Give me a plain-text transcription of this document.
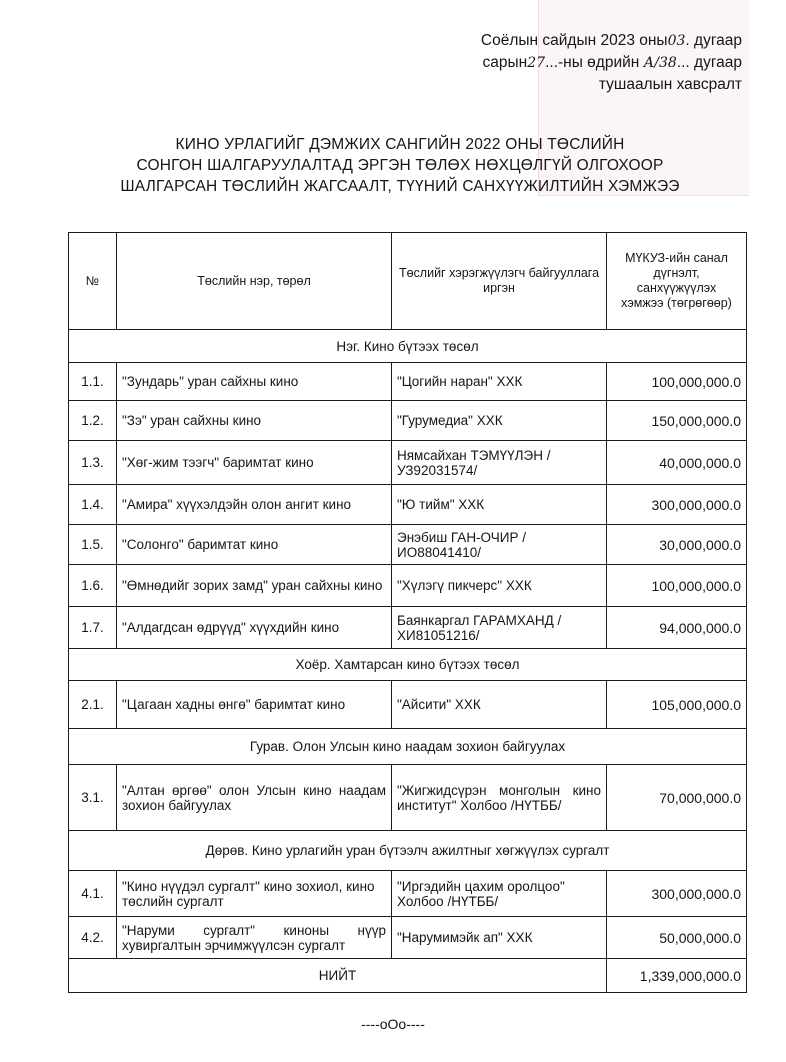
Соёлын сайдын 2023 оны03. дугаар
сарын27...-ны өдрийн А/38... дугаар
тушаалын хавсралт
КИНО УРЛАГИЙГ ДЭМЖИХ САНГИЙН 2022 ОНЫ ТӨСЛИЙН
СОНГОН ШАЛГАРУУЛАЛТАД ЭРГЭН ТӨЛӨХ НӨХЦӨЛГҮЙ ОЛГОХООР
ШАЛГАРСАН ТӨСЛИЙН ЖАГСААЛТ, ТҮҮНИЙ САНХҮҮЖИЛТИЙН ХЭМЖЭЭ
№	Төслийн нэр, төрөл	Төслийг хэрэгжүүлэгч байгууллага иргэн	МҮКУЗ-ийн санал дүгнэлт, санхүүжүүлэх хэмжээ (төгрөгөөр)
Нэг. Кино бүтээх төсөл			
1.1.	"Зундарь" уран сайхны кино	"Цогийн наран" ХХК	100,000,000.0
1.2.	"Зэ" уран сайхны кино	"Гурумедиа" ХХК	150,000,000.0
1.3.	"Хөг-жим тээгч" баримтат кино	Нямсайхан ТЭМҮҮЛЭН /УЗ92031574/	40,000,000.0
1.4.	"Амира" хүүхэлдэйн олон ангит кино	"Ю тийм" ХХК	300,000,000.0
1.5.	"Солонго" баримтат кино	Энэбиш ГАН-ОЧИР /ИО88041410/	30,000,000.0
1.6.	"Өмнөдийг зорих замд" уран сайхны кино	"Хүлэгү пикчерс" ХХК	100,000,000.0
1.7.	"Алдагдсан өдрүүд" хүүхдийн кино	Баянкаргал ГАРАМХАНД /ХИ81051216/	94,000,000.0
Хоёр. Хамтарсан кино бүтээх төсөл			
2.1.	"Цагаан хадны өнгө" баримтат кино	"Айсити" ХХК	105,000,000.0
Гурав. Олон Улсын кино наадам зохион байгуулах			
3.1.	"Алтан өргөө" олон Улсын кино наадам зохион байгуулах	"Жигжидсүрэн монголын кино институт" Холбоо /НҮТББ/	70,000,000.0
Дөрөв. Кино урлагийн уран бүтээлч ажилтныг хөгжүүлэх сургалт			
4.1.	"Кино нүүдэл сургалт" кино зохиол, кино төслийн сургалт	"Иргэдийн цахим оролцоо" Холбоо /НҮТББ/	300,000,000.0
4.2.	"Наруми сургалт" киноны нүүр хувиргалтын эрчимжүүлсэн сургалт	"Нарумимэйк ап" ХХК	50,000,000.0
НИЙТ			1,339,000,000.0
----оОо----
